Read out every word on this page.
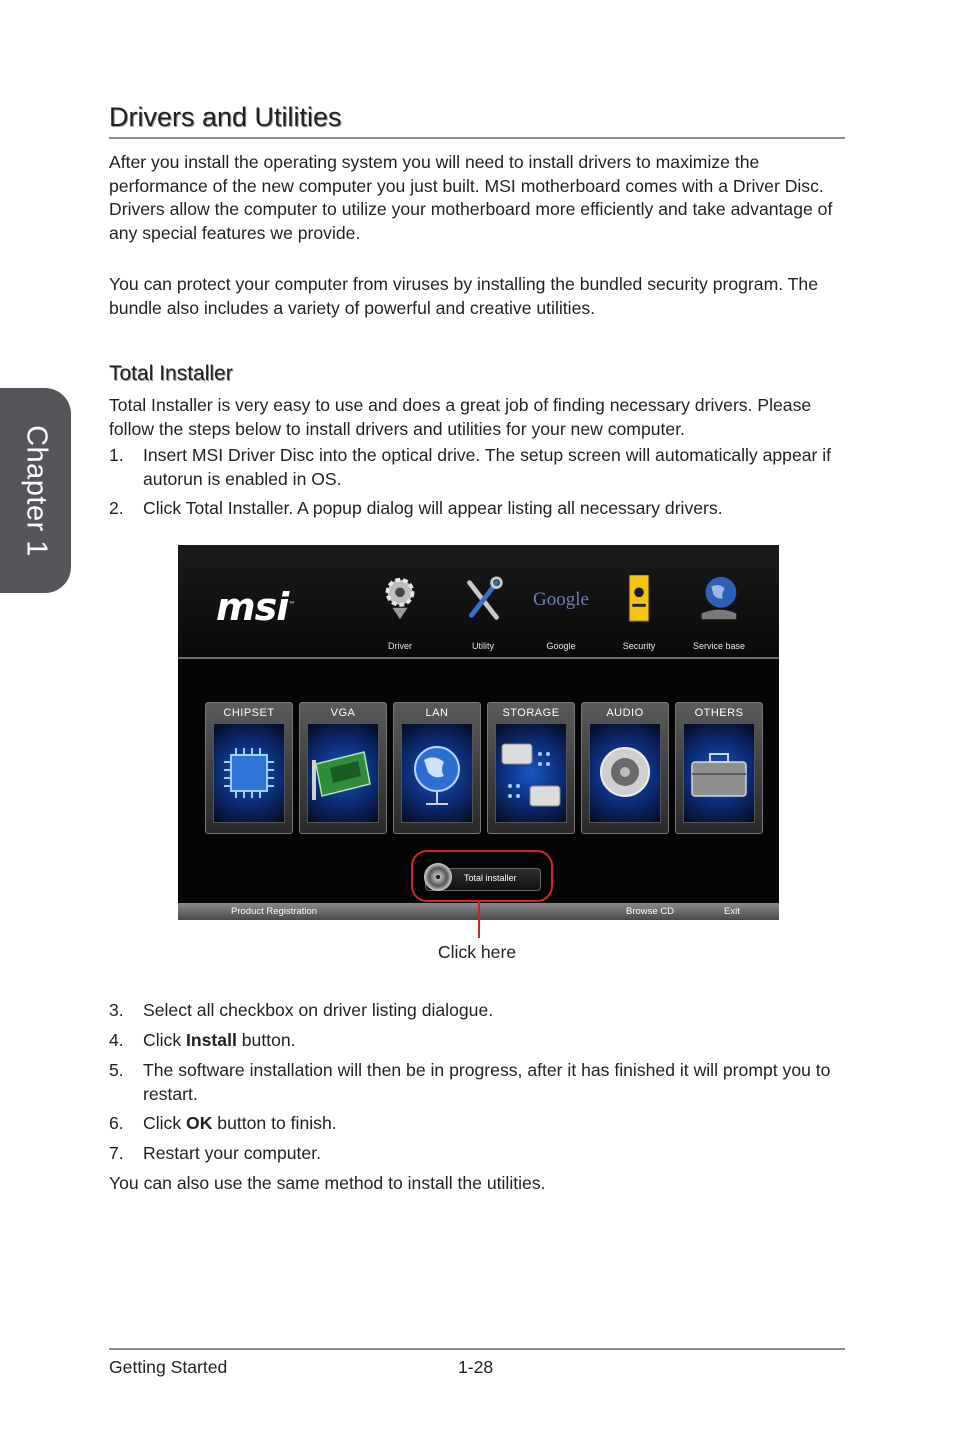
Chapter 1
Drivers and Utilities
After you install the operating system you will need to install drivers to maximize the performance of the new computer you just built. MSI motherboard comes with a Driver Disc. Drivers allow the computer to utilize your motherboard more efficiently and take advantage of any special features we provide.
You can protect your computer from viruses by installing the bundled security program. The bundle also includes a variety of powerful and creative utilities.
Total Installer
Total Installer is very easy to use and does a great job of finding necessary drivers. Please follow the steps below to install drivers and utilities for your new computer.
1. Insert MSI Driver Disc into the optical drive. The setup screen will automatically appear if autorun is enabled in OS.
2. Click Total Installer. A popup dialog will appear listing all necessary drivers.
msi™
Driver	Utility
Google
Google	Security	Service base
CHIPSET	VGA	LAN	STORAGE	AUDIO	OTHERS
Total installer
Product Registration	Browse CD	Exit
Click here
3. Select all checkbox on driver listing dialogue.
4. Click Install button.
5. The software installation will then be in progress, after it has finished it will prompt you to restart.
6. Click OK button to finish.
7. Restart your computer.
You can also use the same method to install the utilities.
Getting Started	1-28
